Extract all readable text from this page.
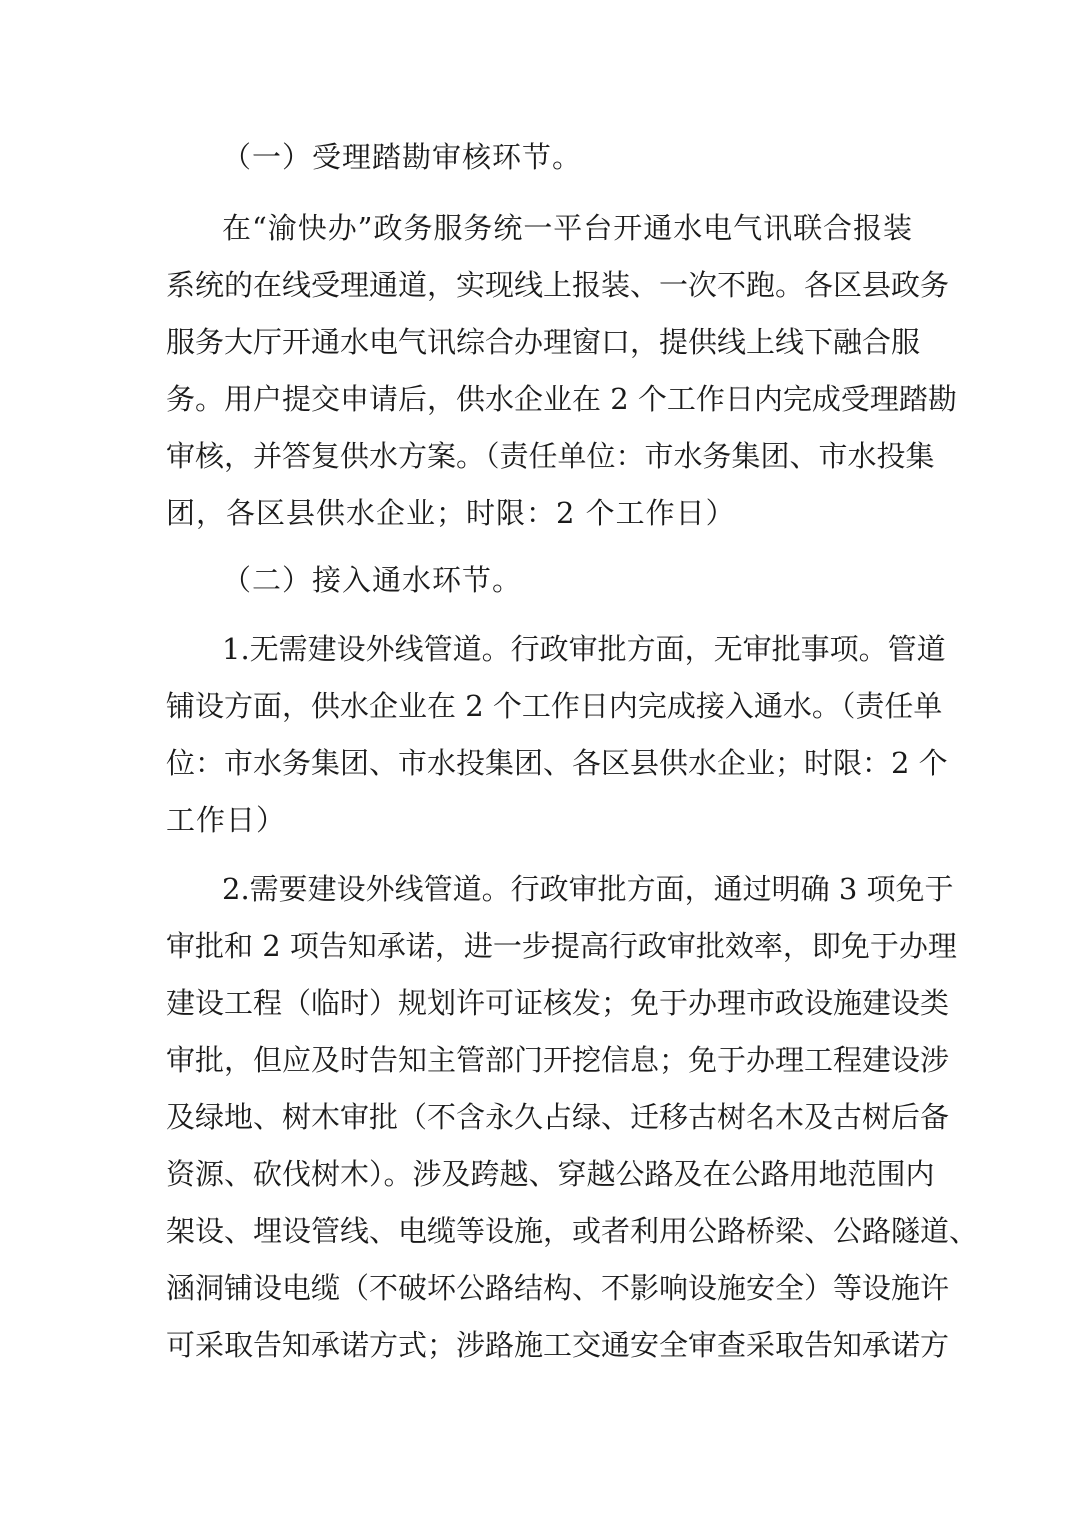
（一）受理踏勘审核环节。
在“渝快办”政务服务统一平台开通水电气讯联合报装
系统的在线受理通道，实现线上报装、一次不跑。各区县政务
服务大厅开通水电气讯综合办理窗口，提供线上线下融合服
务。用户提交申请后，供水企业在 2 个工作日内完成受理踏勘
审核，并答复供水方案。（责任单位：市水务集团、市水投集
团，各区县供水企业；时限：2 个工作日）
（二）接入通水环节。
1.无需建设外线管道。行政审批方面，无审批事项。管道
铺设方面，供水企业在 2 个工作日内完成接入通水。（责任单
位：市水务集团、市水投集团、各区县供水企业；时限：2 个
工作日）
2.需要建设外线管道。行政审批方面，通过明确 3 项免于
审批和 2 项告知承诺，进一步提高行政审批效率，即免于办理
建设工程（临时）规划许可证核发；免于办理市政设施建设类
审批，但应及时告知主管部门开挖信息；免于办理工程建设涉
及绿地、树木审批（不含永久占绿、迁移古树名木及古树后备
资源、砍伐树木）。涉及跨越、穿越公路及在公路用地范围内
架设、埋设管线、电缆等设施，或者利用公路桥梁、公路隧道、
涵洞铺设电缆（不破坏公路结构、不影响设施安全）等设施许
可采取告知承诺方式；涉路施工交通安全审查采取告知承诺方
